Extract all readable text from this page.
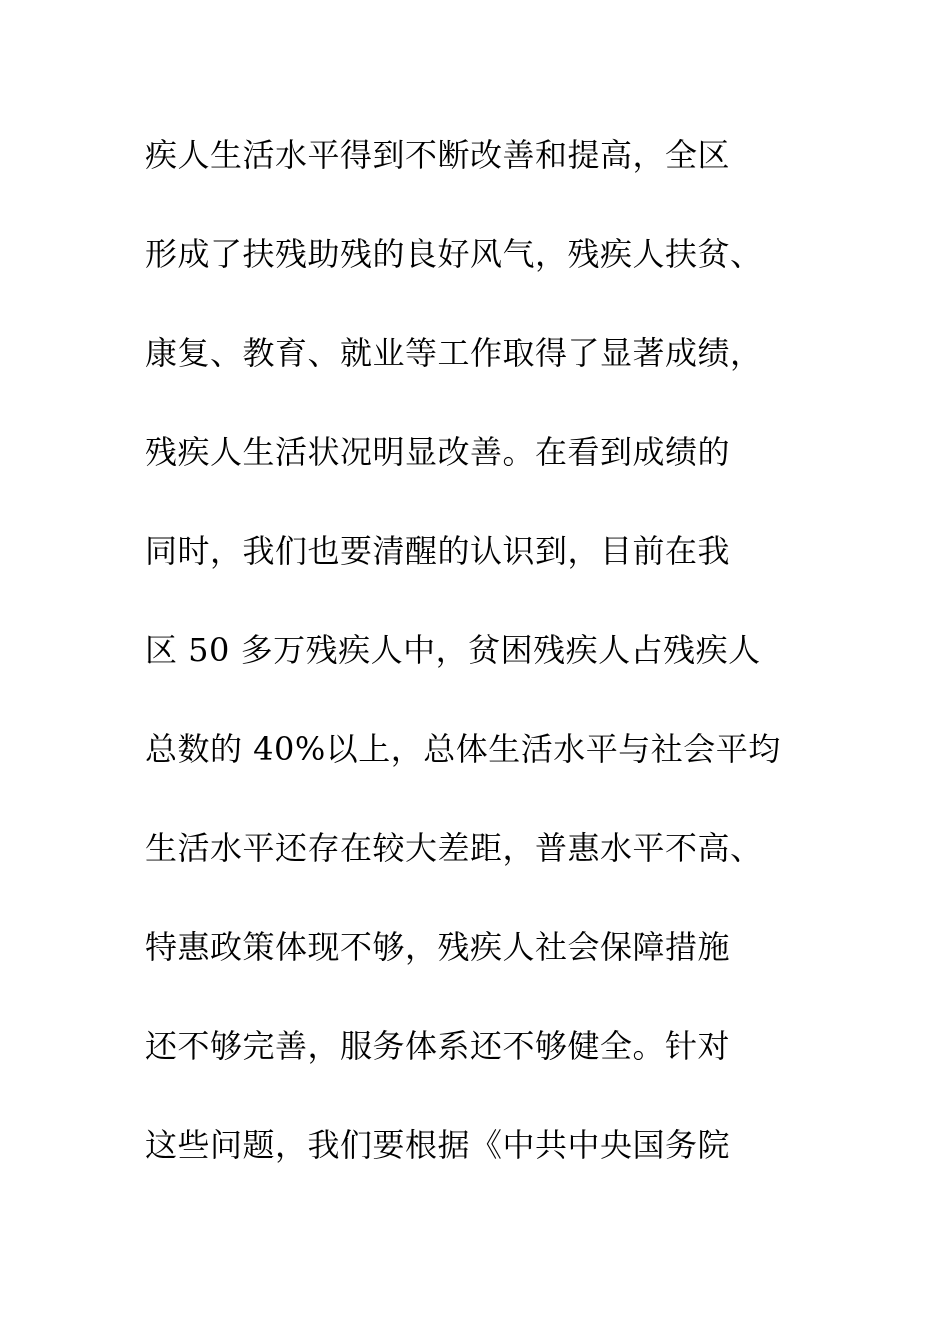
疾人生活水平得到不断改善和提高，全区
形成了扶残助残的良好风气，残疾人扶贫、
康复、教育、就业等工作取得了显著成绩，
残疾人生活状况明显改善。在看到成绩的
同时，我们也要清醒的认识到，目前在我
区 50 多万残疾人中，贫困残疾人占残疾人
总数的 40%以上，总体生活水平与社会平均
生活水平还存在较大差距，普惠水平不高、
特惠政策体现不够，残疾人社会保障措施
还不够完善，服务体系还不够健全。针对
这些问题，我们要根据《中共中央国务院
